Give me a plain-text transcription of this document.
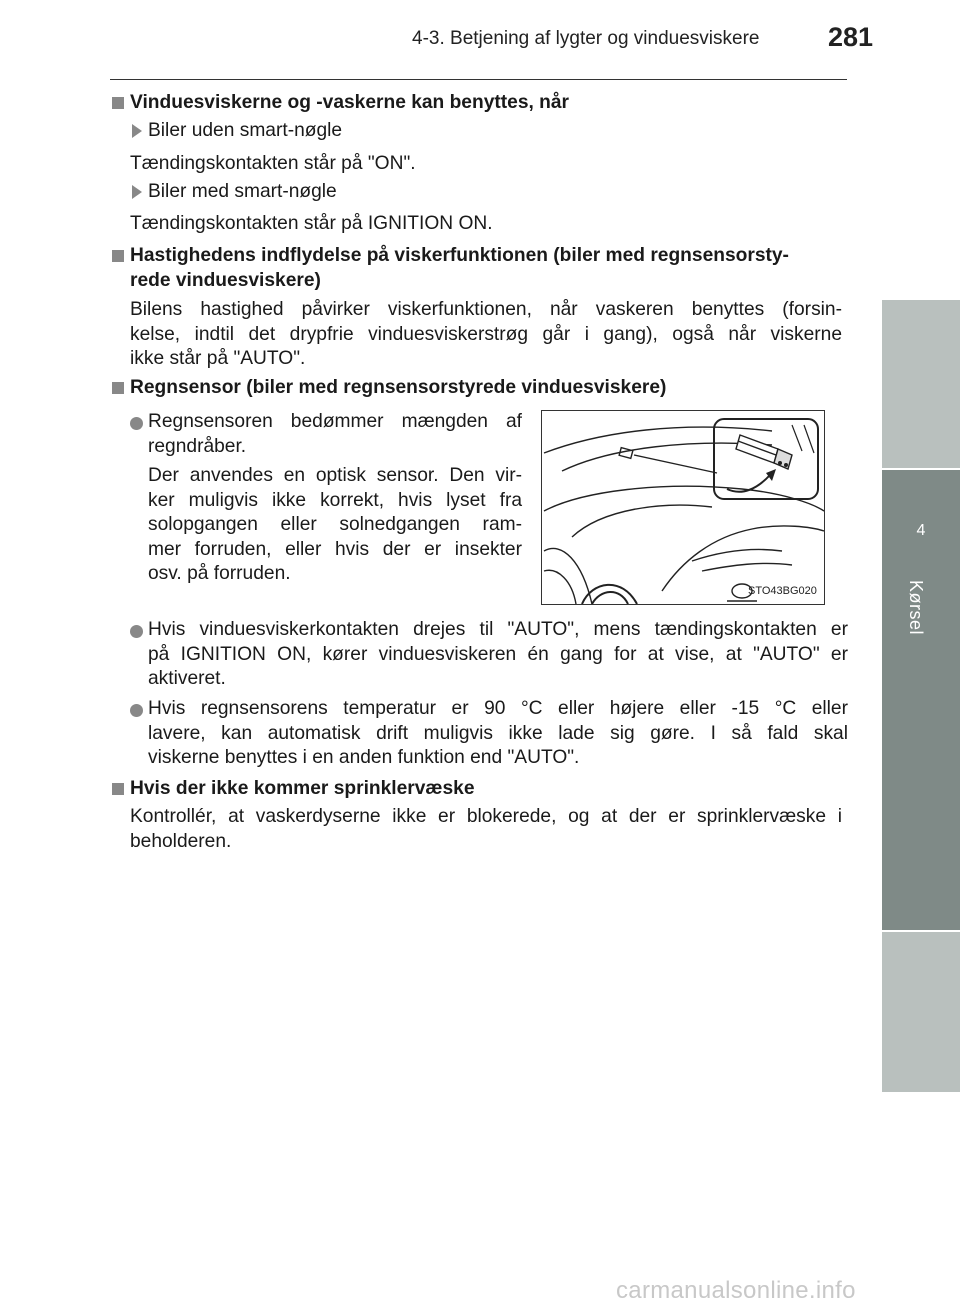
4-3. Betjening af lygter og vinduesviskere	281
4
Kørsel
Vinduesviskerne og -vaskerne kan benyttes, når
Biler uden smart-nøgle
Tændingskontakten står på "ON".
Biler med smart-nøgle
Tændingskontakten står på IGNITION ON.
Hastighedens indflydelse på viskerfunktionen (biler med regnsensorsty-
rede vinduesviskere)
Bilens hastighed påvirker viskerfunktionen, når vaskeren benyttes (forsin-
kelse, indtil det drypfrie vinduesviskerstrøg går i gang), også når viskerne
ikke står på "AUTO".
Regnsensor (biler med regnsensorstyrede vinduesviskere)
Regnsensoren bedømmer mængden af
regndråber.
Der anvendes en optisk sensor. Den vir-
ker muligvis ikke korrekt, hvis lyset fra
solopgangen eller solnedgangen ram-
mer forruden, eller hvis der er insekter
osv. på forruden.
STO43BG020
Hvis vinduesviskerkontakten drejes til "AUTO", mens tændingskontakten er
på IGNITION ON, kører vinduesviskeren én gang for at vise, at "AUTO" er
aktiveret.
Hvis regnsensorens temperatur er 90 °C eller højere eller -15 °C eller
lavere, kan automatisk drift muligvis ikke lade sig gøre. I så fald skal
viskerne benyttes i en anden funktion end "AUTO".
Hvis der ikke kommer sprinklervæske
Kontrollér, at vaskerdyserne ikke er blokerede, og at der er sprinklervæske i
beholderen.
carmanualsonline.info
